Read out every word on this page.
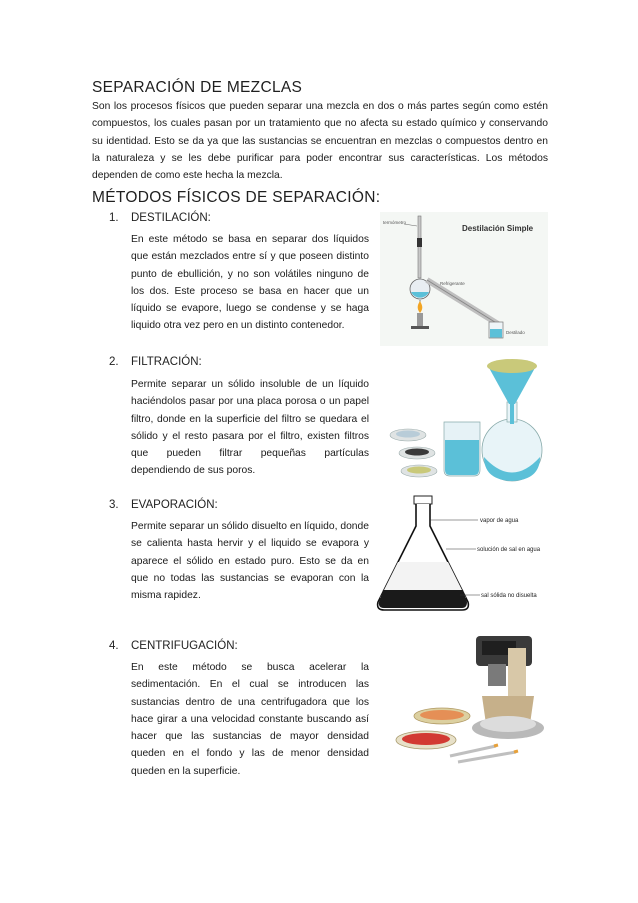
SEPARACIÓN DE MEZCLAS

Son los procesos físicos que pueden separar una mezcla en dos o más partes según como estén compuestos, los cuales pasan por un tratamiento que no afecta su estado químico y conservando su identidad. Esto se da ya que las sustancias se encuentran en mezclas o compuestos dentro en la naturaleza y se les debe purificar para poder encontrar sus características. Los métodos dependen de como este hecha la mezcla.

MÉTODOS FÍSICOS DE SEPARACIÓN:
1. DESTILACIÓN:

En este método se basa en separar dos líquidos que están mezclados entre sí y que poseen distinto punto de ebullición, y no son volátiles ninguno de los dos. Este proceso se basa en hacer que un líquido se evapore, luego se condense y se haga liquido otra vez pero en un distinto contenedor.

Destilación Simple
termómetro
Refrigerante
Destilado
2. FILTRACIÓN:

Permite separar un sólido insoluble de un líquido haciéndolos pasar por una placa porosa o un papel filtro, donde en la superficie del filtro se quedara el sólido y el resto pasara por el filtro, existen filtros que pueden filtrar pequeñas partículas dependiendo de sus poros.

3. EVAPORACIÓN:

Permite separar un sólido disuelto en líquido, donde se calienta hasta hervir y el liquido se evapora y aparece el sólido en estado puro. Esto se da en que no todas las sustancias se evaporan con la misma rapidez.

vapor de agua
solución de sal en agua
sal sólida no disuelta
4. CENTRIFUGACIÓN:

En este método se busca acelerar la sedimentación. En el cual se introducen las sustancias dentro de una centrifugadora que los hace girar a una velocidad constante buscando así hacer que las sustancias de mayor densidad queden en el fondo y las de menor densidad queden en la superficie.
